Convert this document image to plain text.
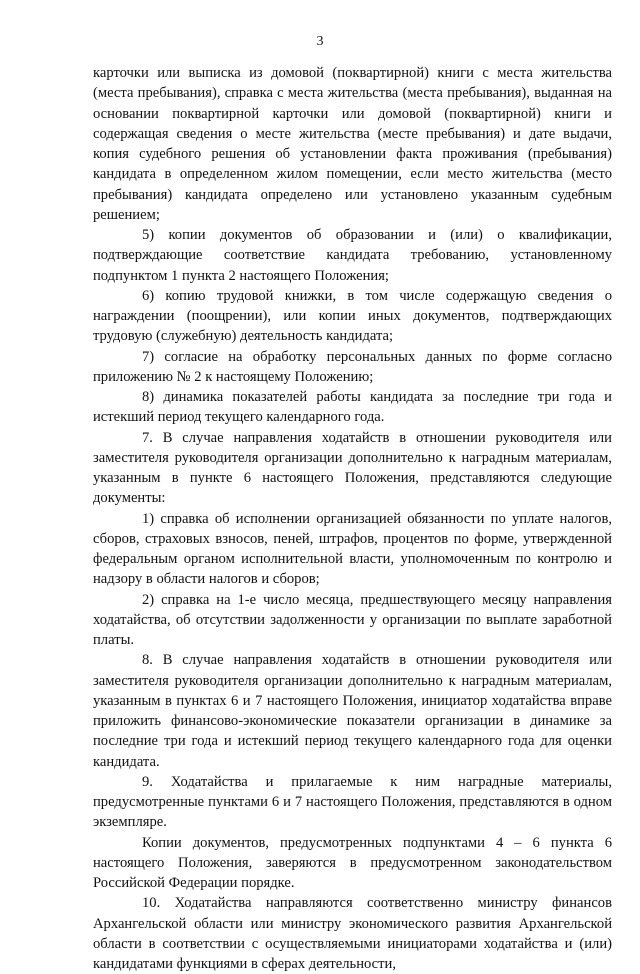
3

карточки или выписка из домовой (поквартирной) книги с места жительства (места пребывания), справка с места жительства (места пребывания), выданная на основании поквартирной карточки или домовой (поквартирной) книги и содержащая сведения о месте жительства (месте пребывания) и дате выдачи, копия судебного решения об установлении факта проживания (пребывания) кандидата в определенном жилом помещении, если место жительства (место пребывания) кандидата определено или установлено указанным судебным решением;

5) копии документов об образовании и (или) о квалификации, подтверждающие соответствие кандидата требованию, установленному подпунктом 1 пункта 2 настоящего Положения;

6) копию трудовой книжки, в том числе содержащую сведения о награждении (поощрении), или копии иных документов, подтверждающих трудовую (служебную) деятельность кандидата;

7) согласие на обработку персональных данных по форме согласно приложению № 2 к настоящему Положению;

8) динамика показателей работы кандидата за последние три года и истекший период текущего календарного года.

7. В случае направления ходатайств в отношении руководителя или заместителя руководителя организации дополнительно к наградным материалам, указанным в пункте 6 настоящего Положения, представляются следующие документы:

1) справка об исполнении организацией обязанности по уплате налогов, сборов, страховых взносов, пеней, штрафов, процентов по форме, утвержденной федеральным органом исполнительной власти, уполномоченным по контролю и надзору в области налогов и сборов;

2) справка на 1-е число месяца, предшествующего месяцу направления ходатайства, об отсутствии задолженности у организации по выплате заработной платы.

8. В случае направления ходатайств в отношении руководителя или заместителя руководителя организации дополнительно к наградным материалам, указанным в пунктах 6 и 7 настоящего Положения, инициатор ходатайства вправе приложить финансово-экономические показатели организации в динамике за последние три года и истекший период текущего календарного года для оценки кандидата.

9. Ходатайства и прилагаемые к ним наградные материалы, предусмотренные пунктами 6 и 7 настоящего Положения, представляются в одном экземпляре.

Копии документов, предусмотренных подпунктами 4 – 6 пункта 6 настоящего Положения, заверяются в предусмотренном законодательством Российской Федерации порядке.

10. Ходатайства направляются соответственно министру финансов Архангельской области или министру экономического развития Архангельской области в соответствии с осуществляемыми инициаторами ходатайства и (или) кандидатами функциями в сферах деятельности,
